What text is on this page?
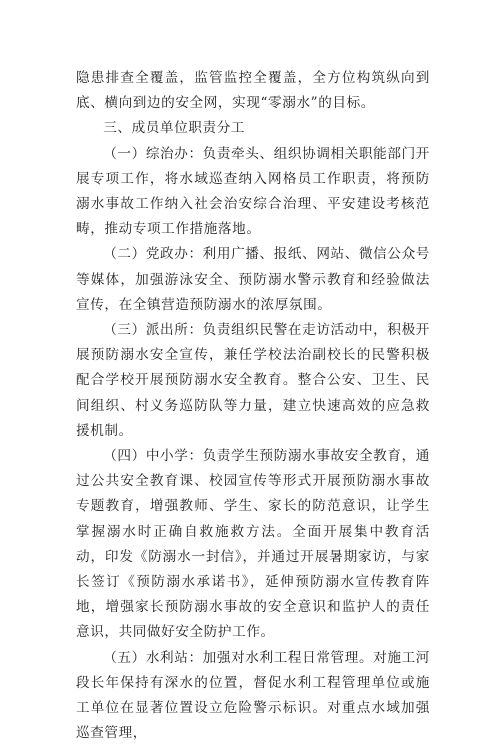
隐患排查全覆盖，监管监控全覆盖，全方位构筑纵向到底、横向到边的安全网，实现“零溺水”的目标。

三、成员单位职责分工

（一）综治办：负责牵头、组织协调相关职能部门开展专项工作，将水域巡查纳入网格员工作职责，将预防溺水事故工作纳入社会治安综合治理、平安建设考核范畴，推动专项工作措施落地。

（二）党政办：利用广播、报纸、网站、微信公众号等媒体，加强游泳安全、预防溺水警示教育和经验做法宣传，在全镇营造预防溺水的浓厚氛围。

（三）派出所：负责组织民警在走访活动中，积极开展预防溺水安全宣传，兼任学校法治副校长的民警积极配合学校开展预防溺水安全教育。整合公安、卫生、民间组织、村义务巡防队等力量，建立快速高效的应急救援机制。

（四）中小学：负责学生预防溺水事故安全教育，通过公共安全教育课、校园宣传等形式开展预防溺水事故专题教育，增强教师、学生、家长的防范意识，让学生掌握溺水时正确自救施救方法。全面开展集中教育活动，印发《防溺水一封信》，并通过开展暑期家访，与家长签订《预防溺水承诺书》，延伸预防溺水宣传教育阵地，增强家长预防溺水事故的安全意识和监护人的责任意识，共同做好安全防护工作。

（五）水利站：加强对水利工程日常管理。对施工河段长年保持有深水的位置，督促水利工程管理单位或施工单位在显著位置设立危险警示标识。对重点水域加强巡查管理，
